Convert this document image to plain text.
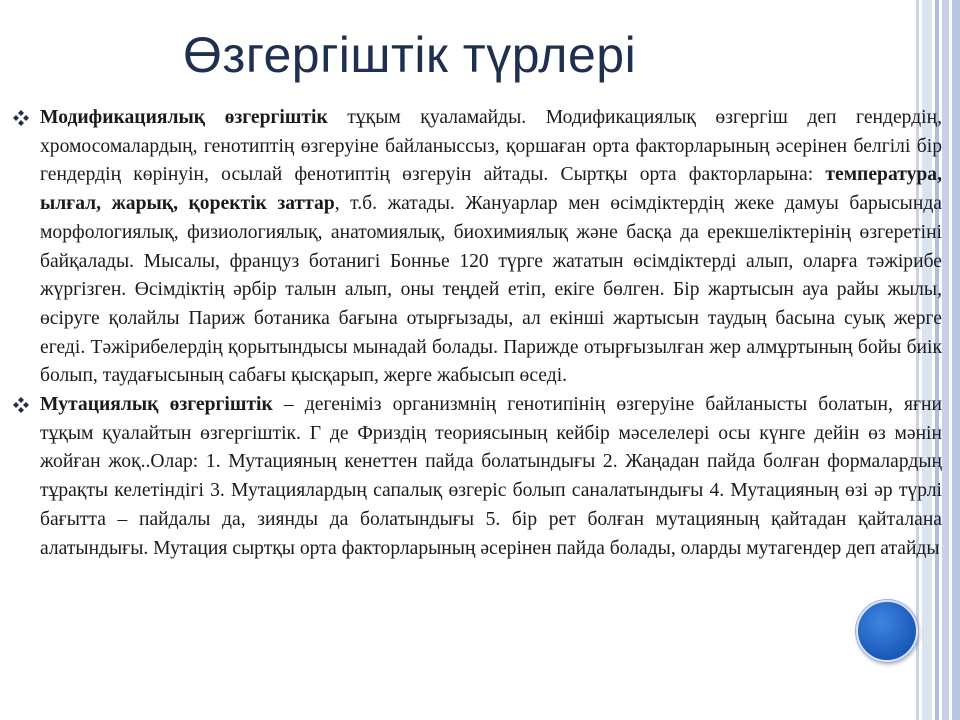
Өзгергіштік түрлері

Модификациялық өзгергіштік тұқым қуаламайды. Модификациялық өзгергіш деп гендердің, хромосомалардың, генотиптің өзгеруіне байланыссыз, қоршаған орта факторларының әсерінен белгілі бір гендердің көрінуін, осылай фенотиптің өзгеруін айтады. Сыртқы орта факторларына: температура, ылғал, жарық, қоректік заттар, т.б. жатады. Жануарлар мен өсімдіктердің жеке дамуы барысында морфологиялық, физиологиялық, анатомиялық, биохимиялық және басқа да ерекшеліктерінің өзгеретіні байқалады. Мысалы, француз ботанигі Боннье 120 түрге жататын өсімдіктерді алып, оларға тәжірибе жүргізген. Өсімдіктің әрбір талын алып, оны теңдей етіп, екіге бөлген. Бір жартысын ауа райы жылы, өсіруге қолайлы Париж ботаника бағына отырғызады, ал екінші жартысын таудың басына суық жерге егеді. Тәжірибелердің қорытындысы мынадай болады. Парижде отырғызылған жер алмұртының бойы биік болып, таудағысының сабағы қысқарып, жерге жабысып өседі.

Мутациялық өзгергіштік – дегеніміз организмнің генотипінің өзгеруіне байланысты болатын, яғни тұқым қуалайтын өзгергіштік. Г де Фриздің теориясының кейбір мәселелері осы күнге дейін өз мәнін жойған жоқ..Олар: 1. Мутацияның кенеттен пайда болатындығы 2. Жаңадан пайда болған формалардың тұрақты келетіндігі 3. Мутациялардың сапалық өзгеріс болып саналатындығы 4. Мутацияның өзі әр түрлі бағытта – пайдалы да, зиянды да болатындығы 5. бір рет болған мутацияның қайтадан қайталана алатындығы. Мутация сыртқы орта факторларының әсерінен пайда болады, оларды мутагендер деп атайды
